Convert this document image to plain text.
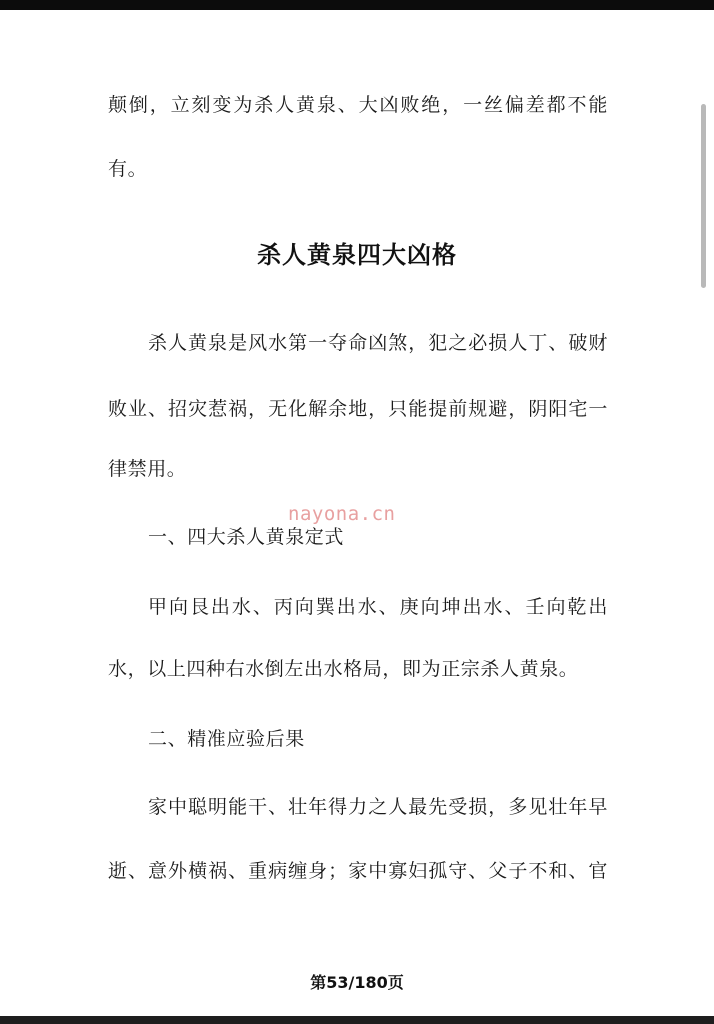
颠倒，立刻变为杀人黄泉、大凶败绝，一丝偏差都不能
有。
杀人黄泉四大凶格
杀人黄泉是风水第一夺命凶煞，犯之必损人丁、破财
败业、招灾惹祸，无化解余地，只能提前规避，阴阳宅一
律禁用。
一、四大杀人黄泉定式
甲向艮出水、丙向巽出水、庚向坤出水、壬向乾出
水，以上四种右水倒左出水格局，即为正宗杀人黄泉。
二、精准应验后果
家中聪明能干、壮年得力之人最先受损，多见壮年早
逝、意外横祸、重病缠身；家中寡妇孤守、父子不和、官
nayona.cn
第53/180页
